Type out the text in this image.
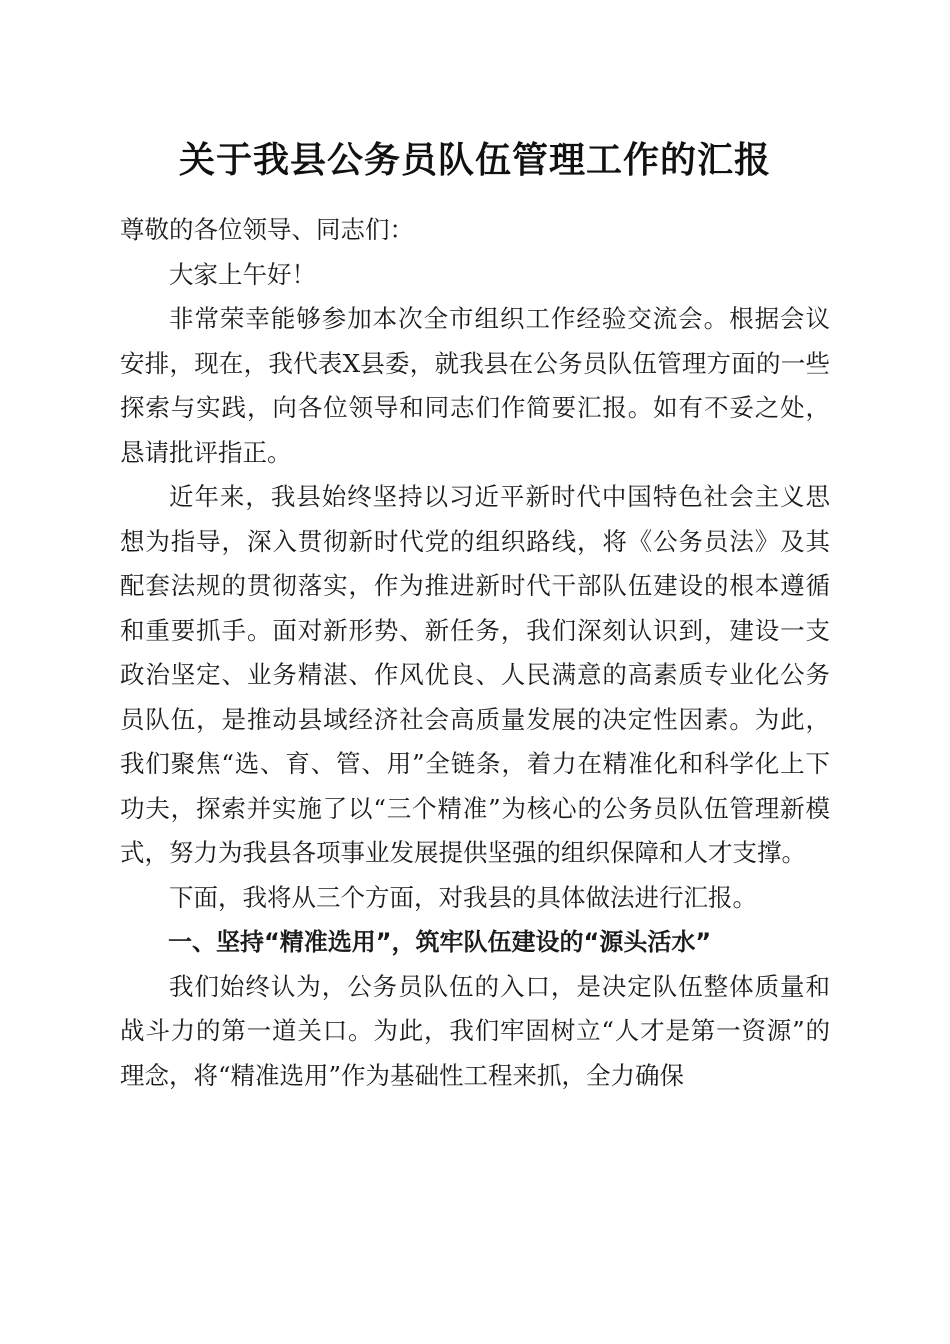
关于我县公务员队伍管理工作的汇报

尊敬的各位领导、同志们：

大家上午好！

非常荣幸能够参加本次全市组织工作经验交流会。根据会议安排，现在，我代表X县委，就我县在公务员队伍管理方面的一些探索与实践，向各位领导和同志们作简要汇报。如有不妥之处，恳请批评指正。

近年来，我县始终坚持以习近平新时代中国特色社会主义思想为指导，深入贯彻新时代党的组织路线，将《公务员法》及其配套法规的贯彻落实，作为推进新时代干部队伍建设的根本遵循和重要抓手。面对新形势、新任务，我们深刻认识到，建设一支政治坚定、业务精湛、作风优良、人民满意的高素质专业化公务员队伍，是推动县域经济社会高质量发展的决定性因素。为此，我们聚焦“选、育、管、用”全链条，着力在精准化和科学化上下功夫，探索并实施了以“三个精准”为核心的公务员队伍管理新模式，努力为我县各项事业发展提供坚强的组织保障和人才支撑。

下面，我将从三个方面，对我县的具体做法进行汇报。

一、坚持“精准选用”，筑牢队伍建设的“源头活水”

我们始终认为，公务员队伍的入口，是决定队伍整体质量和战斗力的第一道关口。为此，我们牢固树立“人才是第一资源”的理念，将“精准选用”作为基础性工程来抓，全力确保
